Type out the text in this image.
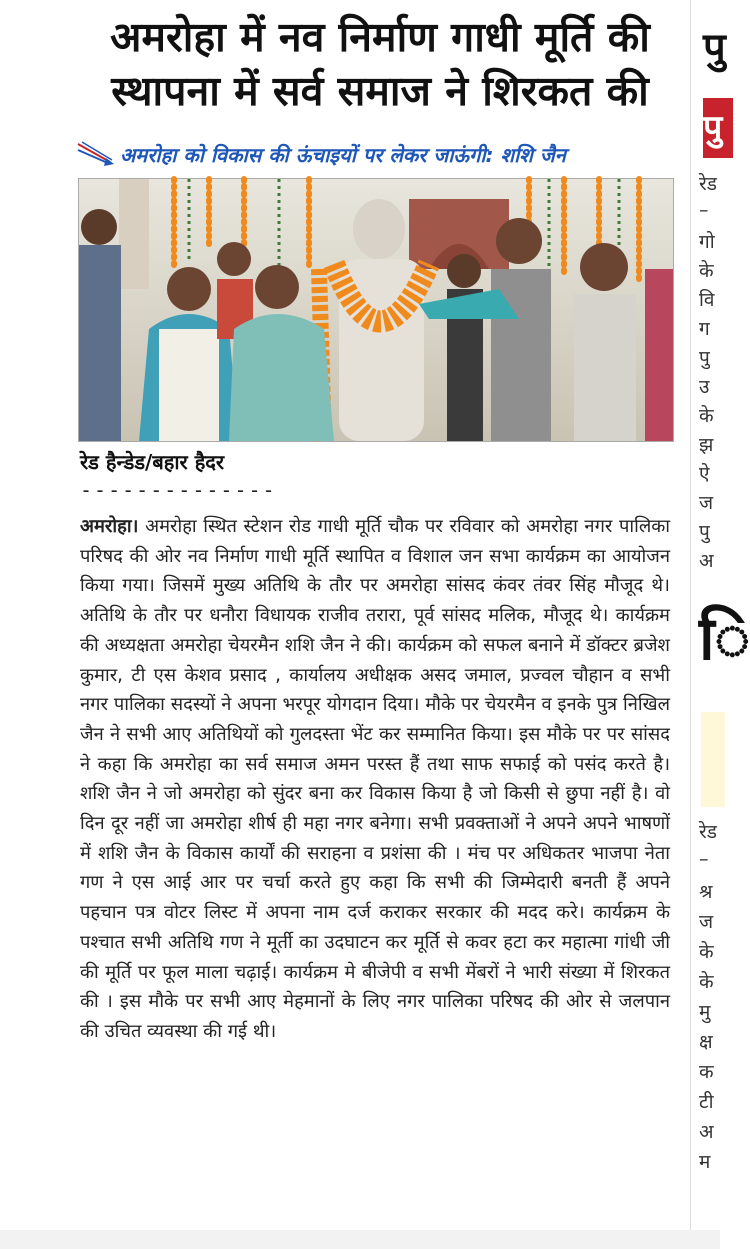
अमरोहा में नव निर्माण गाधी मूर्ति की
स्थापना में सर्व समाज ने शिरकत की
अमरोहा को विकास की ऊंचाइयों पर लेकर जाऊंगी: शशि जैन
रेड हैन्डेड/बहार हैदर
--------------
अमरोहा। अमरोहा स्थित स्टेशन रोड गाधी मूर्ति चौक पर रविवार को अमरोहा नगर पालिका परिषद की ओर नव निर्माण गाधी मूर्ति स्थापित व विशाल जन सभा कार्यक्रम का आयोजन किया गया। जिसमें मुख्य अतिथि के तौर पर अमरोहा सांसद कंवर तंवर सिंह मौजूद थे। अतिथि के तौर पर धनौरा विधायक राजीव तरारा, पूर्व सांसद मलिक, मौजूद थे। कार्यक्रम की अध्यक्षता अमरोहा चेयरमैन शशि जैन ने की। कार्यक्रम को सफल बनाने में डॉक्टर ब्रजेश कुमार, टी एस केशव प्रसाद , कार्यालय अधीक्षक असद जमाल, प्रज्वल चौहान व सभी नगर पालिका सदस्यों ने अपना भरपूर योगदान दिया। मौके पर चेयरमैन व इनके पुत्र निखिल जैन ने सभी आए अतिथियों को गुलदस्ता भेंट कर सम्मानित किया। इस मौके पर पर सांसद ने कहा कि अमरोहा का सर्व समाज अमन परस्त हैं तथा साफ सफाई को पसंद करते है। शशि जैन ने जो अमरोहा को सुंदर बना कर विकास किया है जो किसी से छुपा नहीं है। वो दिन दूर नहीं जा अमरोहा शीर्ष ही महा नगर बनेगा। सभी प्रवक्ताओं ने अपने अपने भाषणों में शशि जैन के विकास कार्यों की सराहना व प्रशंसा की । मंच पर अधिकतर भाजपा नेता गण ने एस आई आर पर चर्चा करते हुए कहा कि सभी की जिम्मेदारी बनती हैं अपने पहचान पत्र वोटर लिस्ट में अपना नाम दर्ज कराकर सरकार की मदद करे। कार्यक्रम के पश्चात सभी अतिथि गण ने मूर्ती का उदघाटन कर मूर्ति से कवर हटा कर महात्मा गांधी जी की मूर्ति पर फूल माला चढ़ाई। कार्यक्रम मे बीजेपी व सभी मेंबरों ने भारी संख्या में शिरकत की । इस मौके पर सभी आए मेहमानों के लिए नगर पालिका परिषद की ओर से जलपान की उचित व्यवस्था की गई थी।
पु
पु
रेड
–
गो
के
वि
ग
पु
उ
के
झ
ऐ
ज
पु
अ
ि
रेड
–
श्र
ज
के
के
मु
क्ष
क
टी
अ
म
